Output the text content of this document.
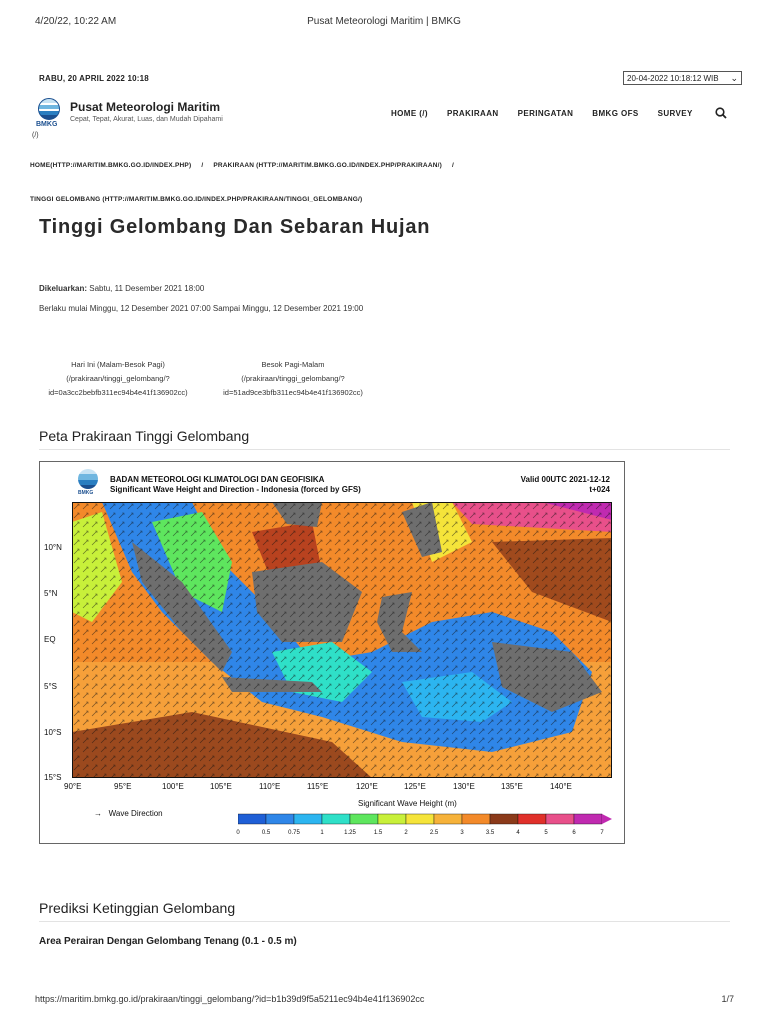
4/20/22, 10:22 AM	Pusat Meteorologi Maritim | BMKG
RABU, 20 APRIL 2022 10:18	20-04-2022 10:18:12 WIB ⌄
BMKG
(/)
Pusat Meteorologi Maritim
Cepat, Tepat, Akurat, Luas, dan Mudah Dipahami
HOME (/) PRAKIRAAN PERINGATAN BMKG OFS SURVEY
HOME(HTTP://MARITIM.BMKG.GO.ID/INDEX.PHP) / PRAKIRAAN (HTTP://MARITIM.BMKG.GO.ID/INDEX.PHP/PRAKIRAAN/) /
TINGGI GELOMBANG (HTTP://MARITIM.BMKG.GO.ID/INDEX.PHP/PRAKIRAAN/TINGGI_GELOMBANG/)
Tinggi Gelombang Dan Sebaran Hujan
Dikeluarkan: Sabtu, 11 Desember 2021 18:00
Berlaku mulai Minggu, 12 Desember 2021 07:00 Sampai Minggu, 12 Desember 2021 19:00
Hari Ini (Malam-Besok Pagi)
(/prakiraan/tinggi_gelombang/?
id=0a3cc2bebfb311ec94b4e41f136902cc)
Besok Pagi-Malam
(/prakiraan/tinggi_gelombang/?
id=51ad9ce3bfb311ec94b4e41f136902cc)
Peta Prakiraan Tinggi Gelombang
BMKG
BADAN METEOROLOGI KLIMATOLOGI DAN GEOFISIKA
Significant Wave Height and Direction - Indonesia (forced by GFS)
Valid 00UTC 2021-12-12
t+024
10°N
5°N
EQ
5°S
10°S
15°S
90°E	95°E	100°E	105°E	110°E	115°E	120°E	125°E	130°E	135°E	140°E
→ Wave Direction
Significant Wave Height (m)
0	0.5	0.75	1	1.25	1.5	2	2.5	3	3.5	4	5	6	7
Prediksi Ketinggian Gelombang
Area Perairan Dengan Gelombang Tenang (0.1 - 0.5 m)
https://maritim.bmkg.go.id/prakiraan/tinggi_gelombang/?id=b1b39d9f5a5211ec94b4e41f136902cc	1/7
